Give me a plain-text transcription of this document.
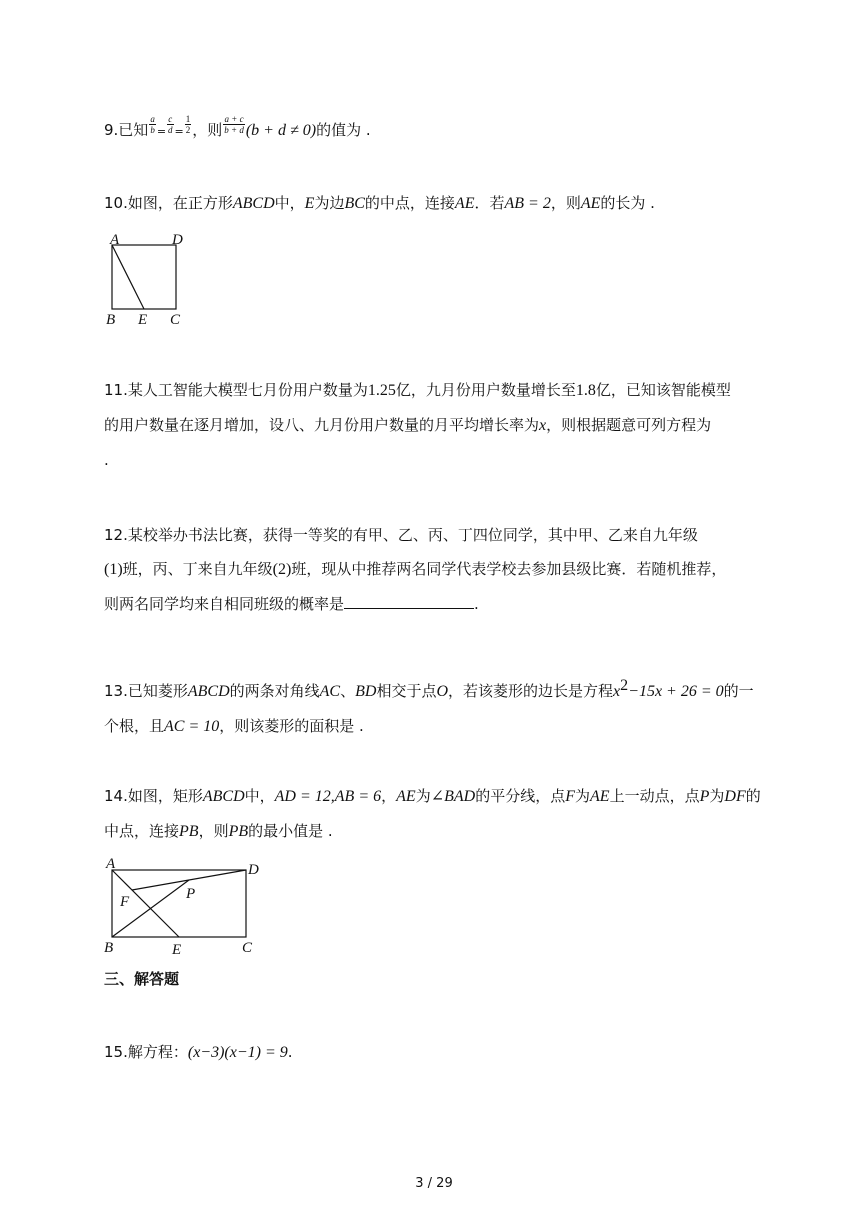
9.已知 $\frac{a}{b} = \frac{c}{d} = \frac{1}{2}$ ，则 $\frac{a + c}{b + d} (b + d \ne 0)$的值为 .
10.如图，在正方形ABCD中，E为边BC的中点，连接AE．若AB = 2，则AE的长为 .
A	D
B E C
11.某人工智能大模型七月份用户数量为1.25亿，九月份用户数量增长至1.8亿，已知该智能模型
的用户数量在逐月增加，设八、九月份用户数量的月平均增长率为x，则根据题意可列方程为
.
12.某校举办书法比赛，获得一等奖的有甲、乙、丙、丁四位同学，其中甲、乙来自九年级
(1)班，丙、丁来自九年级(2)班，现从中推荐两名同学代表学校去参加县级比赛．若随机推荐，
则两名同学均来自相同班级的概率是	.
13.已知菱形ABCD的两条对角线AC、BD相交于点O，若该菱形的边长是方程$x^2-15x + 26 = 0$的一
个根，且AC = 10，则该菱形的面积是 .
14.如图，矩形ABCD中，AD = 12,AB = 6，AE为∠BAD的平分线，点F为AE上一动点，点P为DF的
中点，连接PB，则PB的最小值是 .
A	D
F	P
B	E	C
三、解答题
15.解方程：(x−3)(x−1) = 9.
3 / 29
